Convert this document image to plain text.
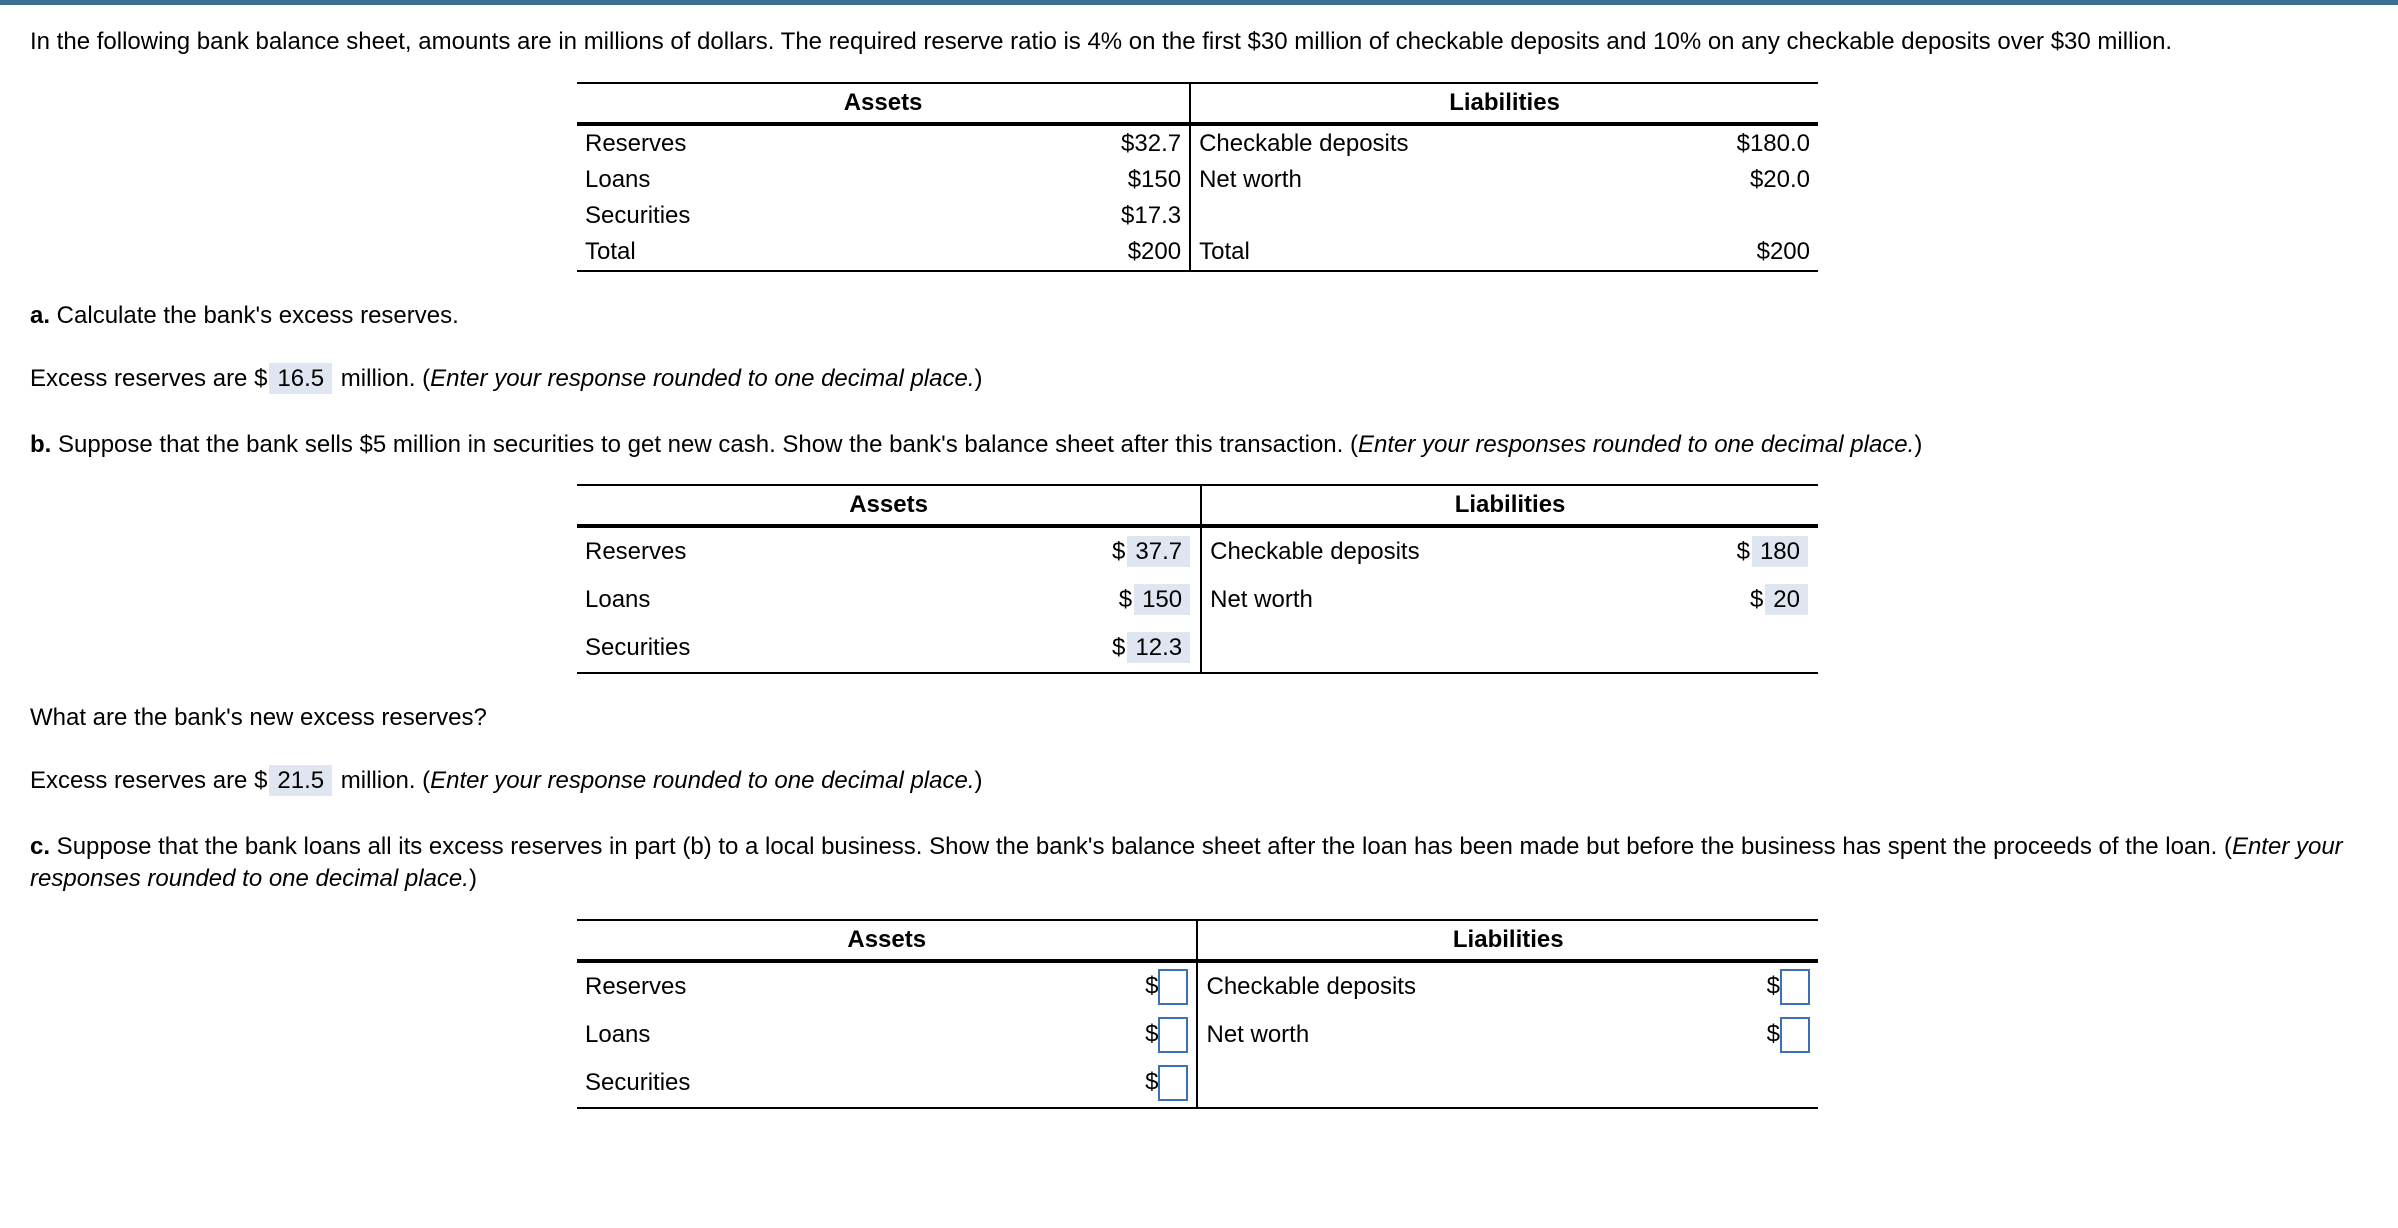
In the following bank balance sheet, amounts are in millions of dollars. The required reserve ratio is 4% on the first $30 million of checkable deposits and 10% on any checkable deposits over $30 million.

Assets		Liabilities	
Reserves	$32.7	Checkable deposits	$180.0
Loans	$150	Net worth	$20.0
Securities	$17.3		
Total	$200	Total	$200

a. Calculate the bank's excess reserves.

Excess reserves are $ 16.5 million. (Enter your response rounded to one decimal place.)

b. Suppose that the bank sells $5 million in securities to get new cash. Show the bank's balance sheet after this transaction. (Enter your responses rounded to one decimal place.)

Assets		Liabilities	
Reserves	$ 37.7	Checkable deposits	$ 180
Loans	$ 150	Net worth	$ 20
Securities	$ 12.3		

What are the bank's new excess reserves?

Excess reserves are $ 21.5 million. (Enter your response rounded to one decimal place.)

c. Suppose that the bank loans all its excess reserves in part (b) to a local business. Show the bank's balance sheet after the loan has been made but before the business has spent the proceeds of the loan. (Enter your responses rounded to one decimal place.)

Assets		Liabilities	
Reserves	$	Checkable deposits	$
Loans	$	Net worth	$
Securities	$		
